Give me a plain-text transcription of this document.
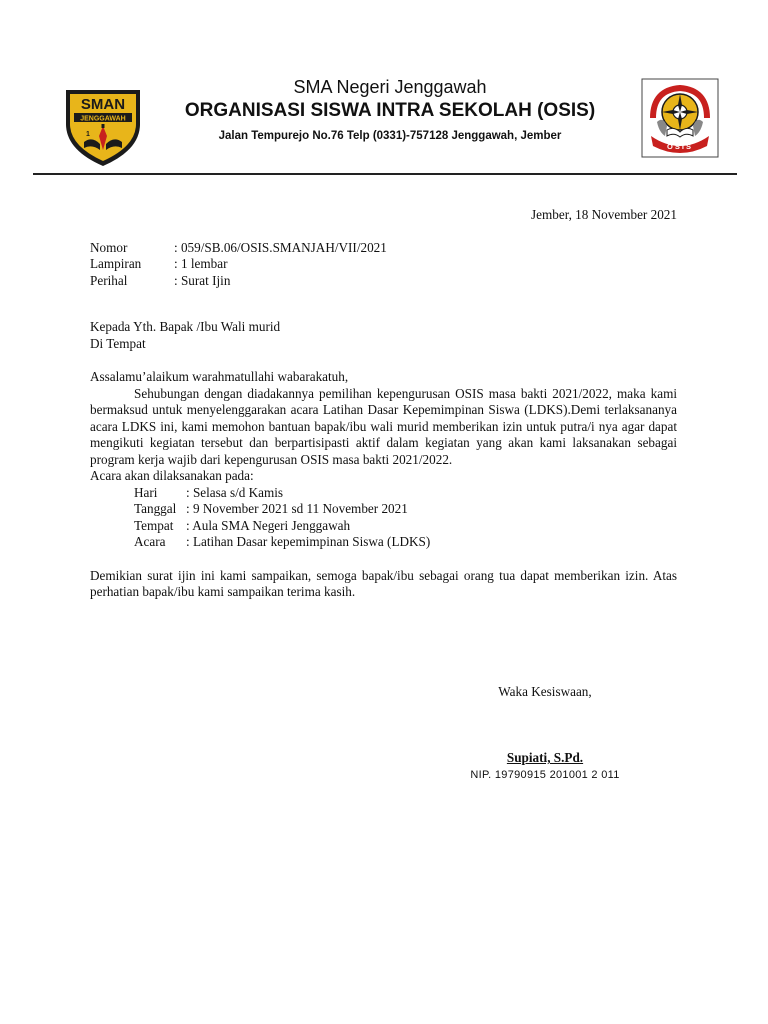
SMAN
JENGGAWAH
1
SMA Negeri Jenggawah
ORGANISASI SISWA INTRA SEKOLAH (OSIS)
Jalan Tempurejo No.76 Telp (0331)-757128 Jenggawah, Jember
OSIS
Jember, 18 November 2021
Nomor	: 059/SB.06/OSIS.SMANJAH/VII/2021
Lampiran	: 1 lembar
Perihal	: Surat Ijin
Kepada Yth. Bapak /Ibu Wali murid
Di Tempat
Assalamu’alaikum warahmatullahi wabarakatuh,
Sehubungan dengan diadakannya pemilihan kepengurusan OSIS masa bakti 2021/2022, maka kami bermaksud untuk menyelenggarakan acara Latihan Dasar Kepemimpinan Siswa (LDKS).Demi terlaksananya acara LDKS ini, kami memohon bantuan bapak/ibu wali murid memberikan izin untuk putra/i nya agar dapat mengikuti kegiatan tersebut dan berpartisipasti aktif dalam kegiatan yang akan kami laksanakan sebagai program kerja wajib dari kepengurusan OSIS masa bakti 2021/2022.
Acara akan dilaksanakan pada:
Hari	: Selasa s/d Kamis
Tanggal : 9 November 2021 sd 11 November 2021
Tempat : Aula SMA Negeri Jenggawah
Acara	: Latihan Dasar kepemimpinan Siswa (LDKS)
Demikian surat ijin ini kami sampaikan, semoga bapak/ibu sebagai orang tua dapat memberikan izin. Atas perhatian bapak/ibu kami sampaikan terima kasih.
Waka Kesiswaan,
Supiati, S.Pd.
NIP. 19790915 201001 2 011
